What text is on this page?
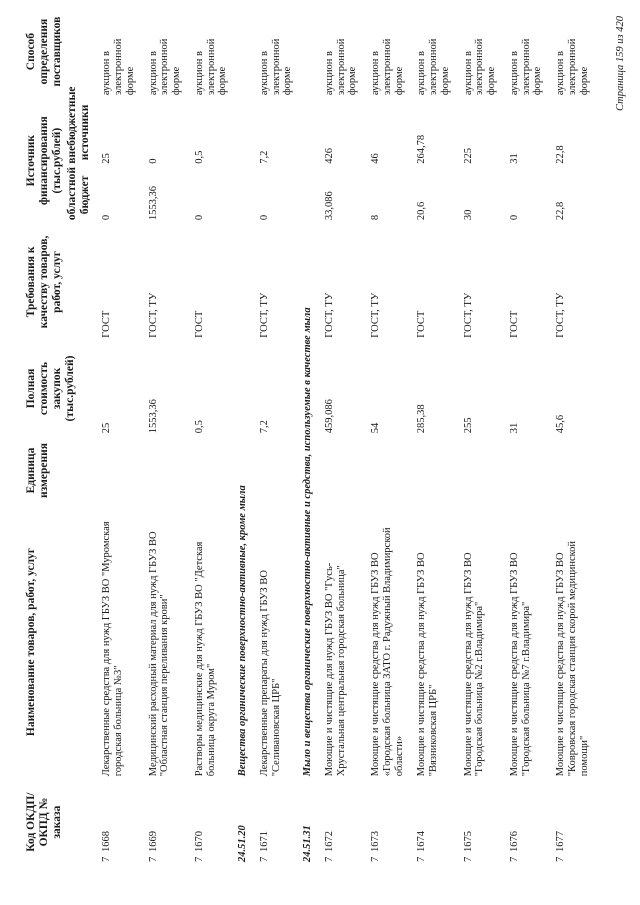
Код ОКДП/ ОКПД № заказа	Наименование товаров, работ, услуг	Единица измерения	Полная стоимость закупок (тыс.рублей)	Требования к качеству товаров, работ, услуг	Источник финансирования (тыс.рублей)		Способ определения поставщиков
					областной бюджет	внебюджетные источники	
71668	Лекарственные средства для нужд ГБУЗ ВО "Муромская городская больница №3"		25	ГОСТ	0	25	аукцион в электронной форме
71669	Медицинский расходный материал для нужд ГБУЗ ВО "Областная станция переливания крови"		1553,36	ГОСТ, ТУ	1553,36	0	аукцион в электронной форме
71670	Растворы медицинские для нужд ГБУЗ ВО "Детская больница округа Муром"		0,5	ГОСТ	0	0,5	аукцион в электронной форме
24.51.20	Вещества органические поверхностно-активные, кроме мыла						
71671	Лекарственные препараты для нужд ГБУЗ ВО "Селивановская ЦРБ"		7,2	ГОСТ, ТУ	0	7,2	аукцион в электронной форме
24.51.31	Мыло и вещества органические поверхностно-активные и средства, используемые в качестве мыла						
71672	Моющие и чистящие для нужд ГБУЗ ВО "Гусь-Хрустальная центральная городская больница"		459,086	ГОСТ, ТУ	33,086	426	аукцион в электронной форме
71673	Моющие и чистящие средства для нужд ГБУЗ ВО «Городская больница ЗАТО г. Радужный Владимирской области»		54	ГОСТ, ТУ	8	46	аукцион в электронной форме
71674	Моющие и чистящие средства для нужд ГБУЗ ВО "Вязниковская ЦРБ"		285,38	ГОСТ	20,6	264,78	аукцион в электронной форме
71675	Моющие и чистящие средства для нужд ГБУЗ ВО "Городская больница №2 г.Владимира"		255	ГОСТ, ТУ	30	225	аукцион в электронной форме
71676	Моющие и чистящие средства для нужд ГБУЗ ВО "Городская больница №7 г.Владимира"		31	ГОСТ	0	31	аукцион в электронной форме
71677	Моющие и чистящие средства для нужд ГБУЗ ВО "Ковровская городская станция скорой медицинской помощи"		45,6	ГОСТ, ТУ	22,8	22,8	аукцион в электронной форме Страница 159 из 420
